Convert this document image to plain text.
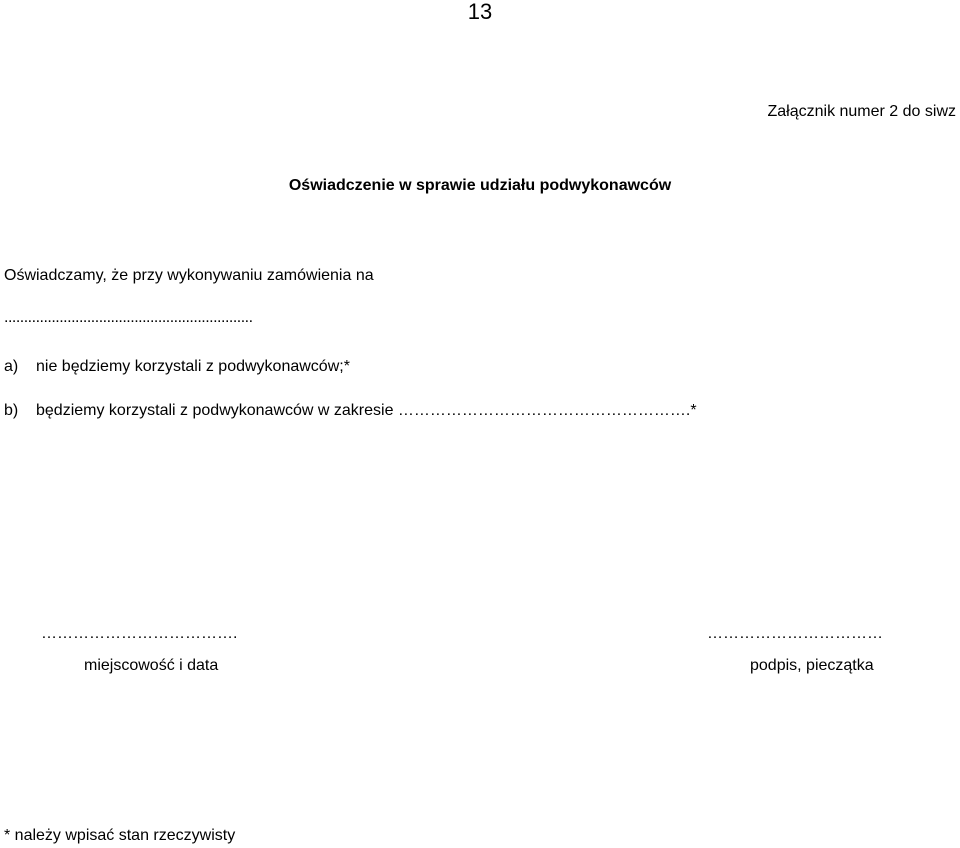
13
Załącznik numer 2 do siwz
Oświadczenie w sprawie udziału podwykonawców
Oświadczamy, że przy wykonywaniu zamówienia na
...............................................................
a) nie będziemy korzystali z podwykonawców;*
b) będziemy korzystali z podwykonawców w zakresie ……………………………………………….*
……………………………….	……………………………
miejscowość i data	podpis, pieczątka
* należy wpisać stan rzeczywisty
